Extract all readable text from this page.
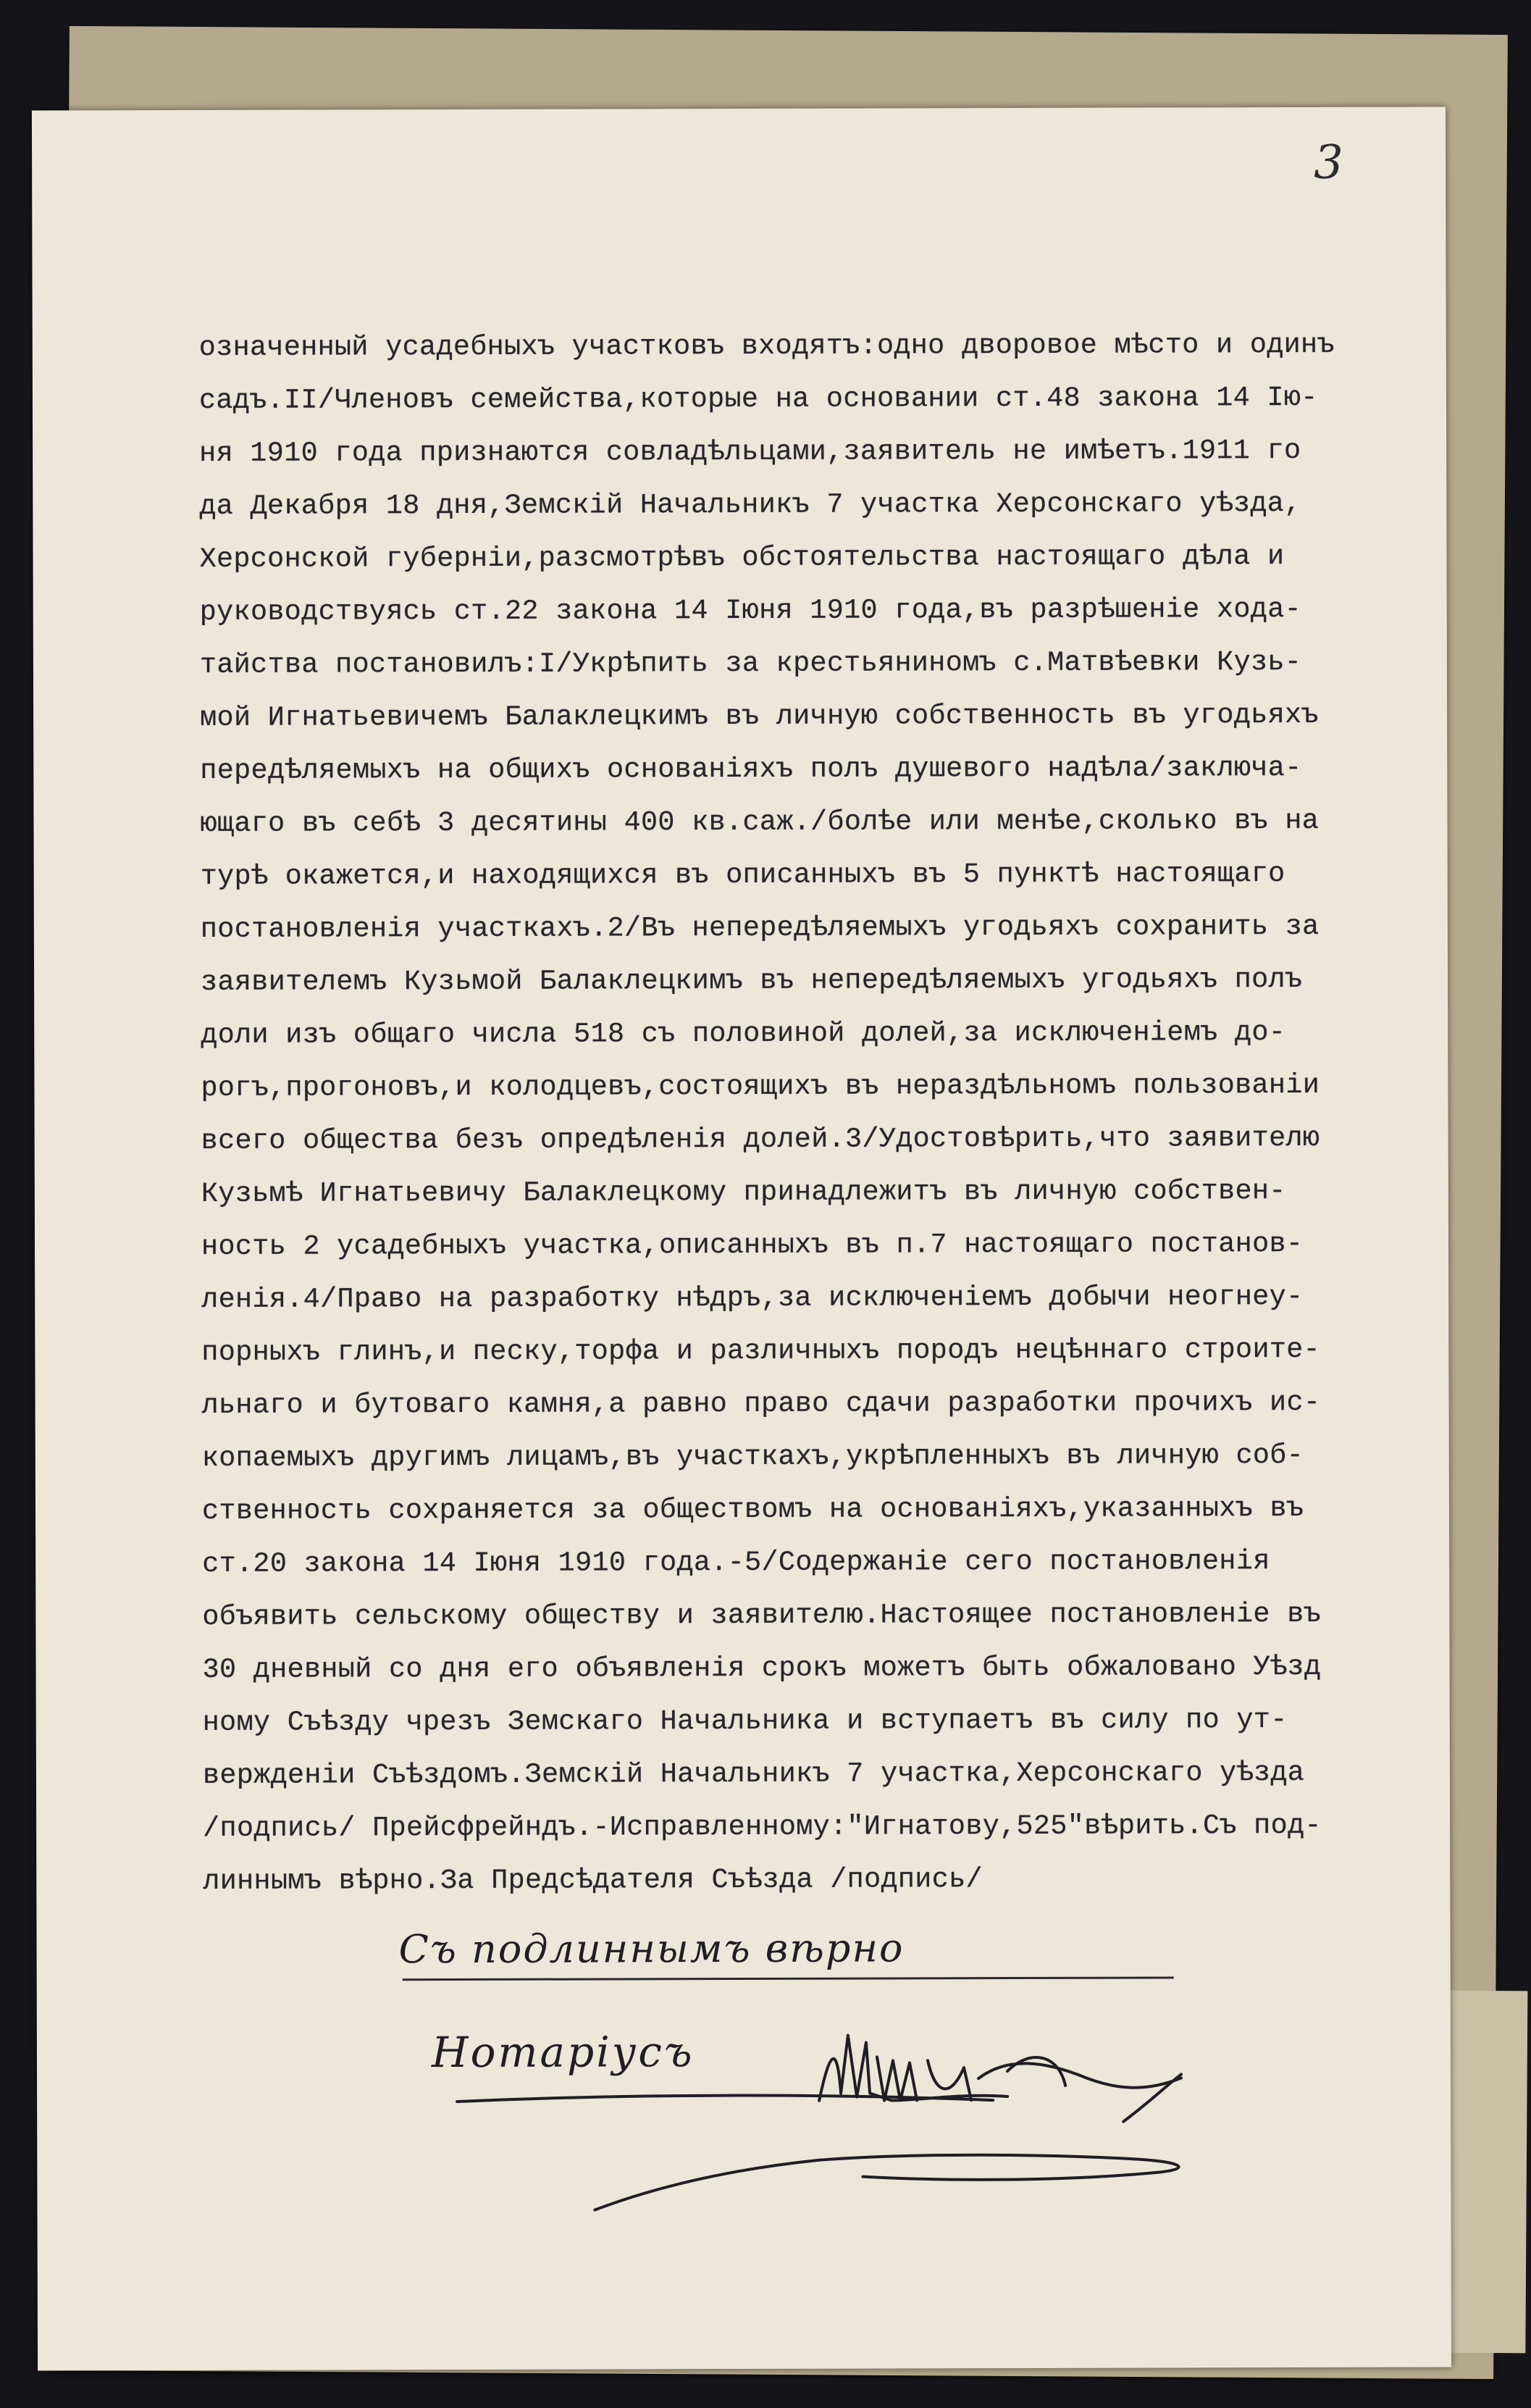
3
означенный усадебныхъ участковъ входятъ:одно дворовое мѣсто и одинъ
садъ.II/Членовъ семейства,которые на основании ст.48 закона 14 Ію-
ня 1910 года признаются совладѣльцами,заявитель не имѣетъ.1911 го
да Декабря 18 дня,Земскiй Начальникъ 7 участка Херсонскаго уѣзда,
Херсонской губернiи,разсмотрѣвъ обстоятельства настоящаго дѣла и
руководствуясь ст.22 закона 14 Іюня 1910 года,въ разрѣшенiе хода-
тайства постановилъ:I/Укрѣпить за крестьяниномъ с.Матвѣевки Кузь-
мой Игнатьевичемъ Балаклецкимъ въ личную собственность въ угодьяхъ
передѣляемыхъ на общихъ основанiяхъ полъ душевого надѣла/заключа-
ющаго въ себѣ 3 десятины 400 кв.саж./болѣе или менѣе,сколько въ на
турѣ окажется,и находящихся въ описанныхъ въ 5 пунктѣ настоящаго
постановленiя участкахъ.2/Въ непередѣляемыхъ угодьяхъ сохранить за
заявителемъ Кузьмой Балаклецкимъ въ непередѣляемыхъ угодьяхъ полъ
доли изъ общаго числа 518 съ половиной долей,за исключенiемъ до-
рогъ,прогоновъ,и колодцевъ,состоящихъ въ нераздѣльномъ пользованiи
всего общества безъ опредѣленiя долей.3/Удостовѣрить,что заявителю
Кузьмѣ Игнатьевичу Балаклецкому принадлежитъ въ личную собствен-
ность 2 усадебныхъ участка,описанныхъ въ п.7 настоящаго постанов-
ленiя.4/Право на разработку нѣдръ,за исключенiемъ добычи неогнеу-
порныхъ глинъ,и песку,торфа и различныхъ породъ нецѣннаго строите-
льнаго и бутоваго камня,а равно право сдачи разработки прочихъ ис-
копаемыхъ другимъ лицамъ,въ участкахъ,укрѣпленныхъ въ личную соб-
ственность сохраняется за обществомъ на основанiяхъ,указанныхъ въ
ст.20 закона 14 Іюня 1910 года.-5/Содержанiе сего постановленiя
объявить сельскому обществу и заявителю.Настоящее постановленiе въ
30 дневный со дня его объявленiя срокъ можетъ быть обжаловано Уѣзд
ному Съѣзду чрезъ Земскаго Начальника и вступаетъ въ силу по ут-
вержденiи Съѣздомъ.Земскiй Начальникъ 7 участка,Херсонскаго уѣзда
/подпись/ Прейсфрейндъ.-Исправленному:"Игнатову,525"вѣрить.Съ под-
линнымъ вѣрно.За Предсѣдателя Съѣзда /подпись/
Съ подлиннымъ вѣрно
Нотарiусъ
